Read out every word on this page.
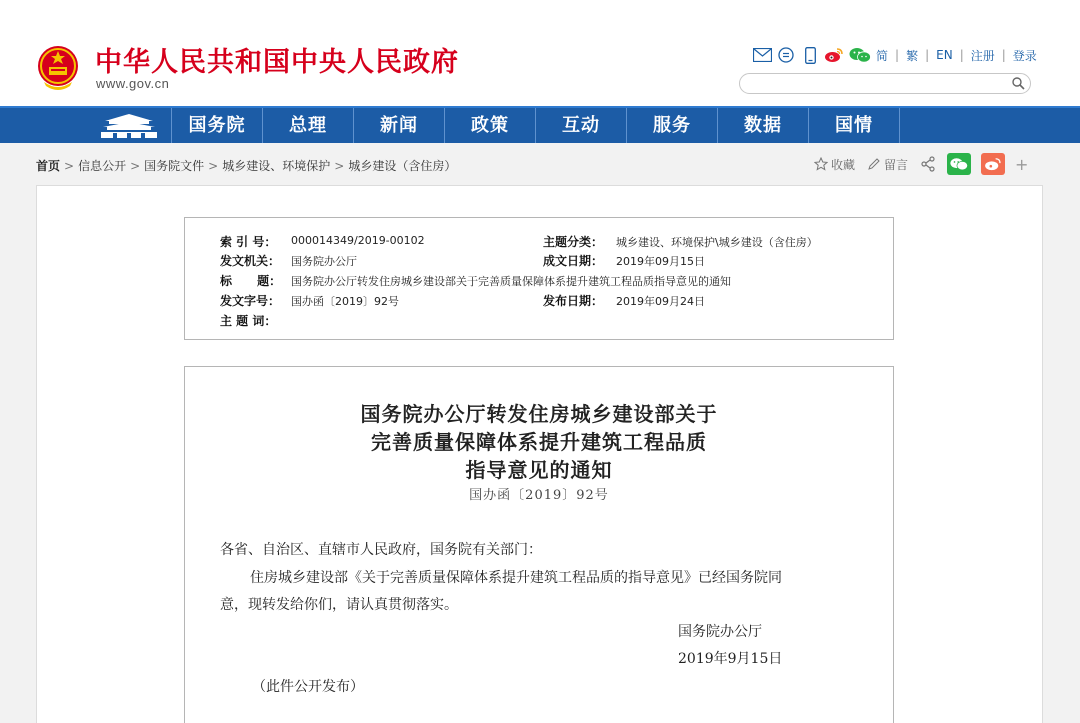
中华人民共和国中央人民政府
www.gov.cn
简 | 繁 | EN | 注册 | 登录
国务院	总理	新闻	政策	互动	服务	数据	国情
首页 > 信息公开 > 国务院文件 > 城乡建设、环境保护 > 城乡建设（含住房）	收藏 留言	+
索 引 号： 000014349/2019-00102	主题分类： 城乡建设、环境保护\城乡建设（含住房）
发文机关： 国务院办公厅	成文日期： 2019年09月15日
标      题： 国务院办公厅转发住房城乡建设部关于完善质量保障体系提升建筑工程品质指导意见的通知
发文字号： 国办函〔2019〕92号	发布日期： 2019年09月24日
主 题 词：
国务院办公厅转发住房城乡建设部关于
完善质量保障体系提升建筑工程品质
指导意见的通知
国办函〔2019〕92号
各省、自治区、直辖市人民政府，国务院有关部门：
住房城乡建设部《关于完善质量保障体系提升建筑工程品质的指导意见》已经国务院同
意，现转发给你们，请认真贯彻落实。
国务院办公厅
2019年9月15日
（此件公开发布）
